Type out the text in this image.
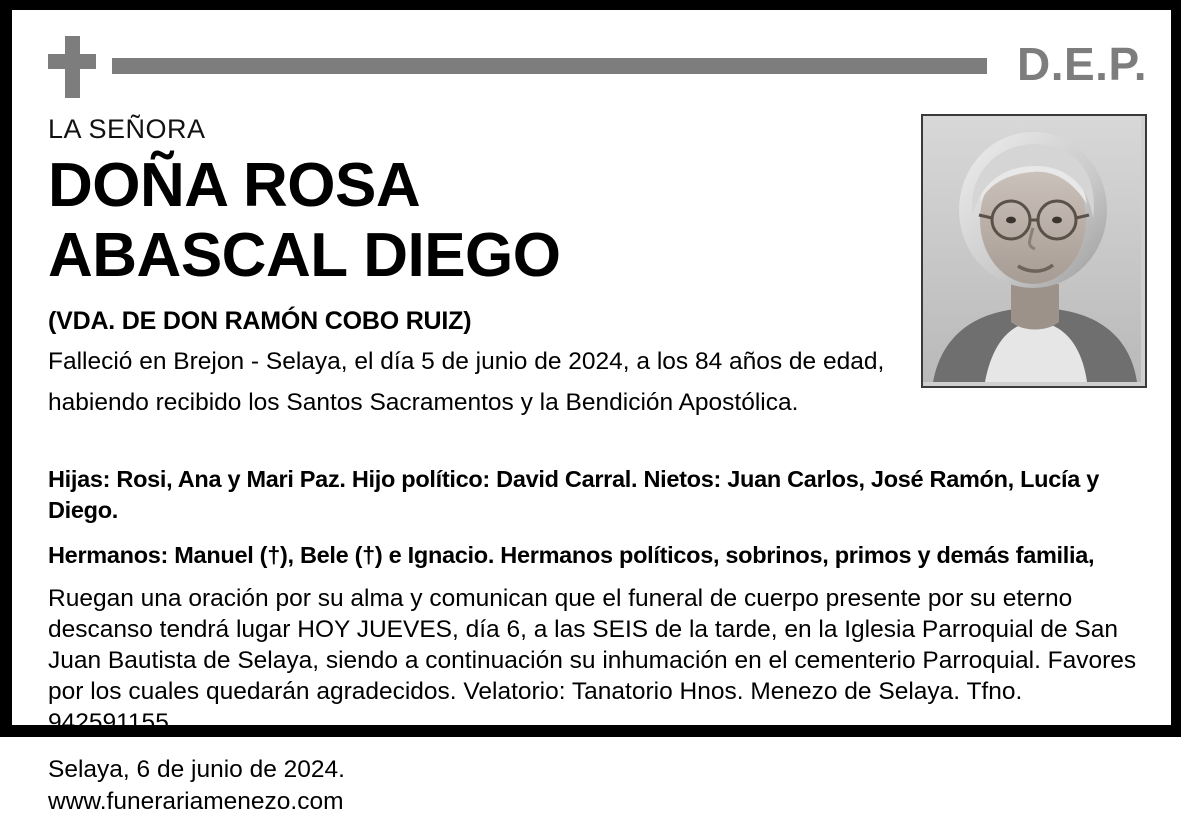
D.E.P.

LA SEÑORA

DOÑA ROSA
ABASCAL DIEGO

(VDA. DE DON RAMÓN COBO RUIZ)

Falleció en Brejon - Selaya, el día 5 de junio de 2024, a los 84 años de edad,

habiendo recibido los Santos Sacramentos y la Bendición Apostólica.

Hijas: Rosi, Ana y Mari Paz. Hijo político: David Carral. Nietos: Juan Carlos, José Ramón, Lucía y Diego.

Hermanos: Manuel (†), Bele (†) e Ignacio. Hermanos políticos, sobrinos, primos y demás familia,

Ruegan una oración por su alma y comunican que el funeral de cuerpo presente por su eterno descanso tendrá lugar HOY JUEVES, día 6, a las SEIS de la tarde, en la Iglesia Parroquial de San Juan Bautista de Selaya, siendo a continuación su inhumación en el cementerio Parroquial. Favores por los cuales quedarán agradecidos. Velatorio: Tanatorio Hnos. Menezo de Selaya. Tfno. 942591155.

Selaya, 6 de junio de 2024.

www.funerariamenezo.com
